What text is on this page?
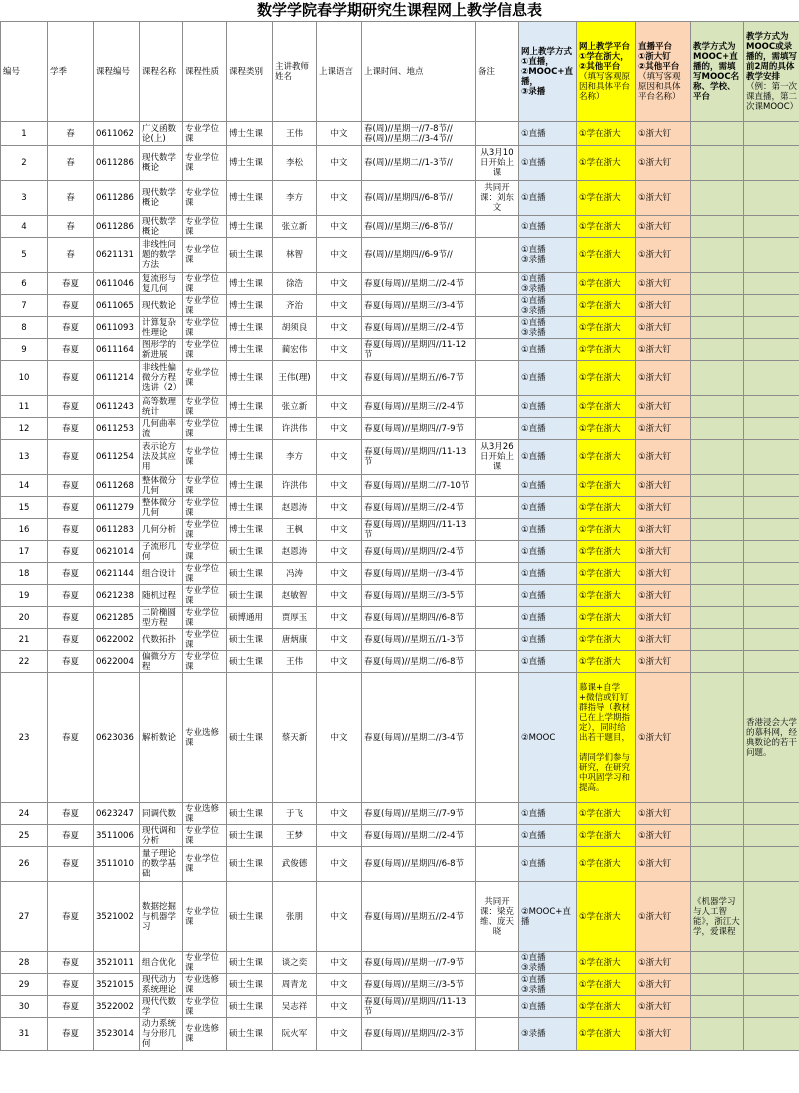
数学学院春学期研究生课程网上教学信息表
编号	学季	课程编号	课程名称	课程性质	课程类别	主讲教师姓名	上课语言	上课时间、地点	备注	网上教学方式
①直播，
②MOOC+直播，
③录播	网上教学平台
①学在浙大，
②其他平台
（填写客观原因和具体平台名称）	直播平台
①浙大钉
②其他平台
（填写客观原因和具体平台名称）	教学方式为MOOC+直播的，需填写MOOC名称、学校、平台	教学方式为MOOC或录播的，需填写前2周的具体教学安排
（例：第一次课直播，第二次课MOOC）
1	春	0611062	广义函数论(上)	专业学位课	博士生课	王伟	中文	春(周)//星期一//7-8节//
春(周)//星期二//3-4节//		①直播	①学在浙大	①浙大钉		
2	春	0611286	现代数学概论	专业学位课	博士生课	李松	中文	春(周)//星期二//1-3节//	从3月10日开始上课	①直播	①学在浙大	①浙大钉		
3	春	0611286	现代数学概论	专业学位课	博士生课	李方	中文	春(周)//星期四//6-8节//	共同开课：刘东文	①直播	①学在浙大	①浙大钉		
4	春	0611286	现代数学概论	专业学位课	博士生课	张立新	中文	春(周)//星期三//6-8节//		①直播	①学在浙大	①浙大钉		
5	春	0621131	非线性问题的数学方法	专业学位课	硕士生课	林智	中文	春(周)//星期四//6-9节//		①直播
③录播	①学在浙大	①浙大钉		
6	春夏	0611046	复流形与复几何	专业学位课	博士生课	徐浩	中文	春夏(每周)//星期二//2-4节		①直播
③录播	①学在浙大	①浙大钉		
7	春夏	0611065	现代数论	专业学位课	博士生课	齐治	中文	春夏(每周)//星期三//3-4节		①直播
③录播	①学在浙大	①浙大钉		
8	春夏	0611093	计算复杂性理论	专业学位课	博士生课	胡须良	中文	春夏(每周)//星期三//2-4节		①直播
③录播	①学在浙大	①浙大钉		
9	春夏	0611164	图形学的新进展	专业学位课	博士生课	蔺宏伟	中文	春夏(每周)//星期四//11-12节		①直播	①学在浙大	①浙大钉		
10	春夏	0611214	非线性偏微分方程选讲（2）	专业学位课	博士生课	王伟(理)	中文	春夏(每周)//星期五//6-7节		①直播	①学在浙大	①浙大钉		
11	春夏	0611243	高等数理统计	专业学位课	博士生课	张立新	中文	春夏(每周)//星期三//2-4节		①直播	①学在浙大	①浙大钉		
12	春夏	0611253	几何曲率流	专业学位课	博士生课	许洪伟	中文	春夏(每周)//星期四//7-9节		①直播	①学在浙大	①浙大钉		
13	春夏	0611254	表示论方法及其应用	专业学位课	博士生课	李方	中文	春夏(每周)//星期四//11-13节	从3月26日开始上课	①直播	①学在浙大	①浙大钉		
14	春夏	0611268	整体微分几何	专业学位课	博士生课	许洪伟	中文	春夏(每周)//星期二//7-10节		①直播	①学在浙大	①浙大钉		
15	春夏	0611279	整体微分几何	专业学位课	博士生课	赵恩涛	中文	春夏(每周)//星期三//2-4节		①直播	①学在浙大	①浙大钉		
16	春夏	0611283	几何分析	专业学位课	博士生课	王枫	中文	春夏(每周)//星期四//11-13节		①直播	①学在浙大	①浙大钉		
17	春夏	0621014	子流形几何	专业学位课	硕士生课	赵恩涛	中文	春夏(每周)//星期四//2-4节		①直播	①学在浙大	①浙大钉		
18	春夏	0621144	组合设计	专业学位课	硕士生课	冯涛	中文	春夏(每周)//星期一//3-4节		①直播	①学在浙大	①浙大钉		
19	春夏	0621238	随机过程	专业学位课	硕士生课	赵敏智	中文	春夏(每周)//星期三//3-5节		①直播	①学在浙大	①浙大钉		
20	春夏	0621285	二阶椭圆型方程	专业学位课	硕博通用	贾厚玉	中文	春夏(每周)//星期四//6-8节		①直播	①学在浙大	①浙大钉		
21	春夏	0622002	代数拓扑	专业学位课	硕士生课	唐炳康	中文	春夏(每周)//星期五//1-3节		①直播	①学在浙大	①浙大钉		
22	春夏	0622004	偏微分方程	专业学位课	硕士生课	王伟	中文	春夏(每周)//星期二//6-8节		①直播	①学在浙大	①浙大钉		
23	春夏	0623036	解析数论	专业选修课	硕士生课	蔡天新	中文	春夏(每周)//星期二//3-4节		②MOOC	慕课+自学+微信或钉钉群指导（教材已在上学期指定），同时给出若干题目，

请同学们参与研究，在研究中巩固学习和提高。	①浙大钉		香港浸会大学的慕科网，经典数论的若干问题。
24	春夏	0623247	同调代数	专业选修课	硕士生课	于飞	中文	春夏(每周)//星期三//7-9节		①直播	①学在浙大	①浙大钉		
25	春夏	3511006	现代调和分析	专业学位课	硕士生课	王梦	中文	春夏(每周)//星期二//2-4节		①直播	①学在浙大	①浙大钉		
26	春夏	3511010	量子理论的数学基础	专业学位课	硕士生课	武俊德	中文	春夏(每周)//星期四//6-8节		①直播	①学在浙大	①浙大钉		
27	春夏	3521002	数据挖掘与机器学习	专业学位课	硕士生课	张朋	中文	春夏(每周)//星期五//2-4节	共同开课：梁克维、庞天晓	②MOOC+直播	①学在浙大	①浙大钉	《机器学习与人工智能》，浙江大学，爱课程	
28	春夏	3521011	组合优化	专业学位课	硕士生课	谈之奕	中文	春夏(每周)//星期一//7-9节		①直播
③录播	①学在浙大	①浙大钉		
29	春夏	3521015	现代动力系统理论	专业选修课	硕士生课	周青龙	中文	春夏(每周)//星期三//3-5节		①直播
③录播	①学在浙大	①浙大钉		
30	春夏	3522002	现代代数学	专业学位课	硕士生课	吴志祥	中文	春夏(每周)//星期四//11-13节		①直播	①学在浙大	①浙大钉		
31	春夏	3523014	动力系统与分形几何	专业选修课	硕士生课	阮火军	中文	春夏(每周)//星期四//2-3节		③录播	①学在浙大	①浙大钉		
